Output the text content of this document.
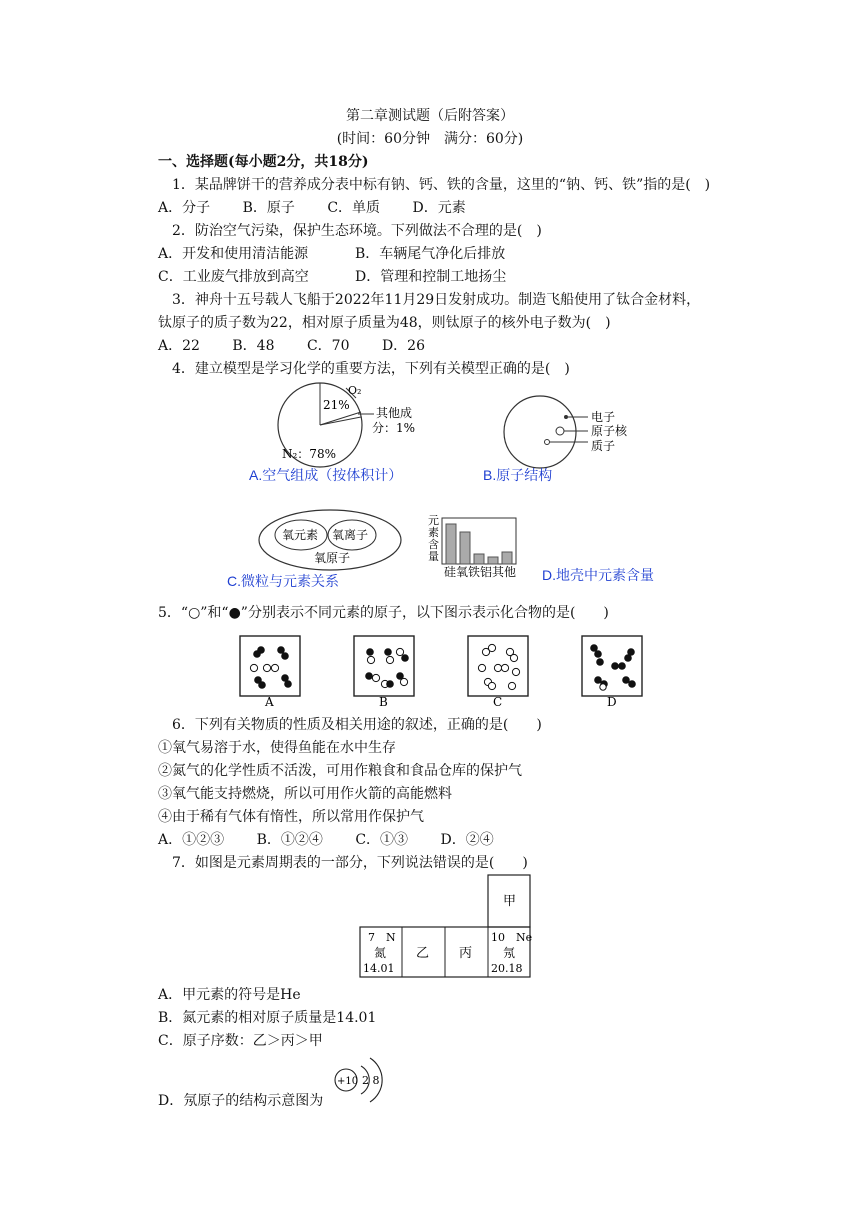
第二章测试题（后附答案）
(时间：60分钟　满分：60分)
一、选择题(每小题2分，共18分)
1．某品牌饼干的营养成分表中标有钠、钙、铁的含量，这里的“钠、钙、铁”指的是(　)
A．分子 B．原子 C．单质 D．元素
2．防治空气污染，保护生态环境。下列做法不合理的是(　)
A．开发和使用清洁能源	B．车辆尾气净化后排放
C．工业废气排放到高空	D．管理和控制工地扬尘
3．神舟十五号载人飞船于2022年11月29日发射成功。制造飞船使用了钛合金材料，
钛原子的质子数为22，相对原子质量为48，则钛原子的核外电子数为(　)
A．22 B．48 C．70 D．26
4．建立模型是学习化学的重要方法，下列有关模型正确的是(　)
O₂
21%
其他成
分：1%
N₂：78%
电子
原子核
质子
A.空气组成（按体积计）	B.原子结构
氧元素 氧离子
氧原子
元
素
含
量
硅氧铁铝其他
C.微粒与元素关系	D.地壳中元素含量
5．“○”和“●”分别表示不同元素的原子，以下图示表示化合物的是(　　)
A	B	C	D
6．下列有关物质的性质及相关用途的叙述，正确的是(　　)
①氧气易溶于水，使得鱼能在水中生存
②氮气的化学性质不活泼，可用作粮食和食品仓库的保护气
③氧气能支持燃烧，所以可用作火箭的高能燃料
④由于稀有气体有惰性，所以常用作保护气
A．①②③ B．①②④ C．①③ D．②④
7．如图是元素周期表的一部分，下列说法错误的是(　　)
甲
7　N
氮
14.01
乙 丙
10　Ne
氖
20.18
A．甲元素的符号是He
B．氮元素的相对原子质量是14.01
C．原子序数：乙＞丙＞甲
D．氖原子的结构示意图为
+10 2 8
